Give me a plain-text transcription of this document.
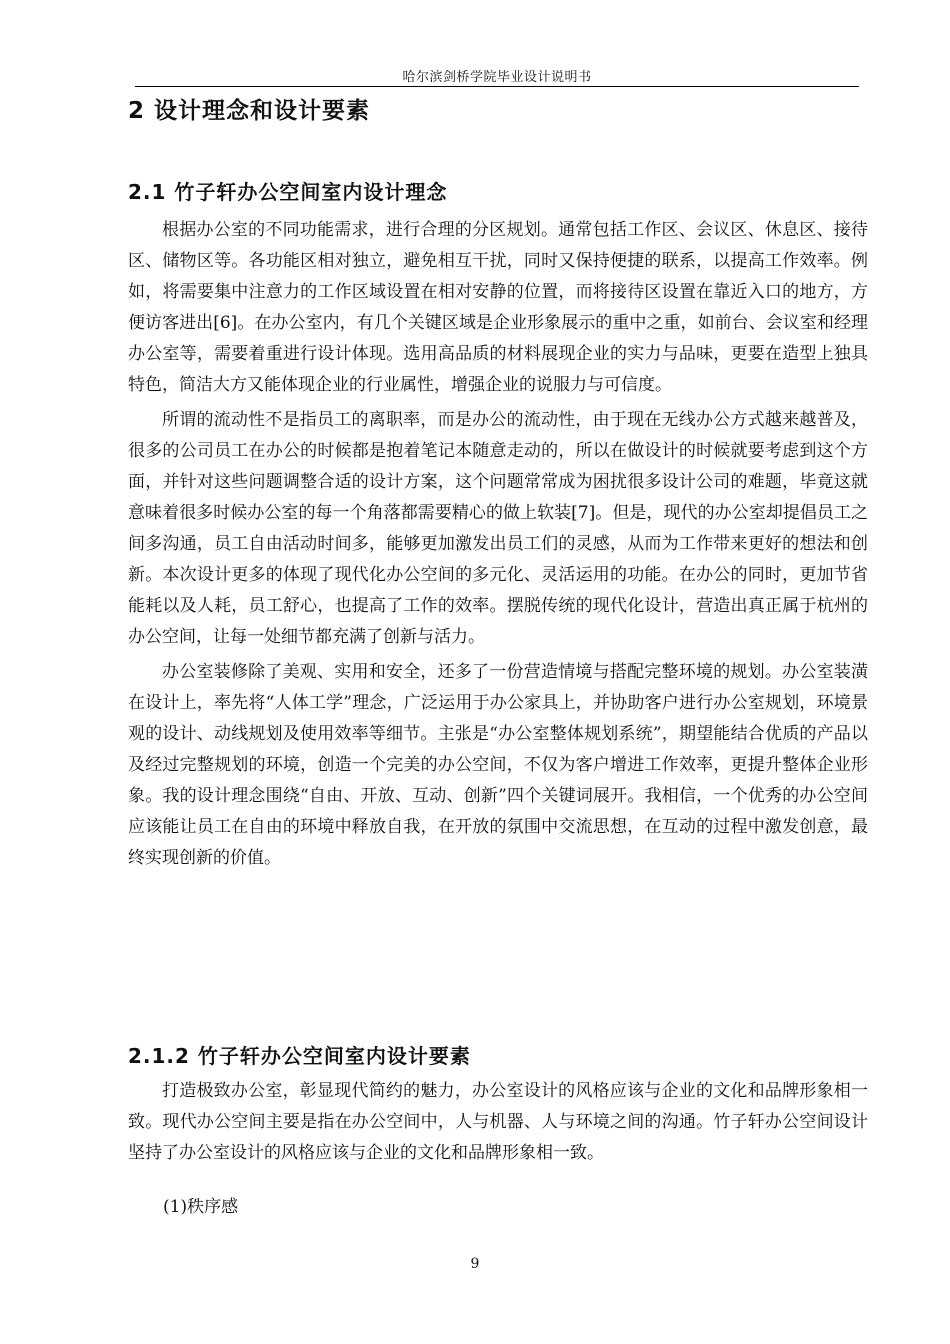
哈尔滨剑桥学院毕业设计说明书
2 设计理念和设计要素
2.1 竹子轩办公空间室内设计理念

根据办公室的不同功能需求，进行合理的分区规划。通常包括工作区、会议区、休息区、接待区、储物区等。各功能区相对独立，避免相互干扰，同时又保持便捷的联系，以提高工作效率。例如，将需要集中注意力的工作区域设置在相对安静的位置，而将接待区设置在靠近入口的地方，方便访客进出[6]。在办公室内，有几个关键区域是企业形象展示的重中之重，如前台、会议室和经理办公室等，需要着重进行设计体现。选用高品质的材料展现企业的实力与品味，更要在造型上独具特色，简洁大方又能体现企业的行业属性，增强企业的说服力与可信度。

所谓的流动性不是指员工的离职率，而是办公的流动性，由于现在无线办公方式越来越普及，很多的公司员工在办公的时候都是抱着笔记本随意走动的，所以在做设计的时候就要考虑到这个方面，并针对这些问题调整合适的设计方案，这个问题常常成为困扰很多设计公司的难题，毕竟这就意味着很多时候办公室的每一个角落都需要精心的做上软装[7]。但是，现代的办公室却提倡员工之间多沟通，员工自由活动时间多，能够更加激发出员工们的灵感，从而为工作带来更好的想法和创新。本次设计更多的体现了现代化办公空间的多元化、灵活运用的功能。在办公的同时，更加节省能耗以及人耗，员工舒心，也提高了工作的效率。摆脱传统的现代化设计，营造出真正属于杭州的办公空间，让每一处细节都充满了创新与活力。

办公室装修除了美观、实用和安全，还多了一份营造情境与搭配完整环境的规划。办公室装潢在设计上，率先将“人体工学”理念，广泛运用于办公家具上，并协助客户进行办公室规划，环境景观的设计、动线规划及使用效率等细节。主张是“办公室整体规划系统”，期望能结合优质的产品以及经过完整规划的环境，创造一个完美的办公空间，不仅为客户增进工作效率，更提升整体企业形象。我的设计理念围绕“自由、开放、互动、创新”四个关键词展开。我相信，一个优秀的办公空间应该能让员工在自由的环境中释放自我，在开放的氛围中交流思想，在互动的过程中激发创意，最终实现创新的价值。

2.1.2 竹子轩办公空间室内设计要素

打造极致办公室，彰显现代简约的魅力，办公室设计的风格应该与企业的文化和品牌形象相一致。现代办公空间主要是指在办公空间中，人与机器、人与环境之间的沟通。竹子轩办公空间设计坚持了办公室设计的风格应该与企业的文化和品牌形象相一致。

(1)秩序感
9
